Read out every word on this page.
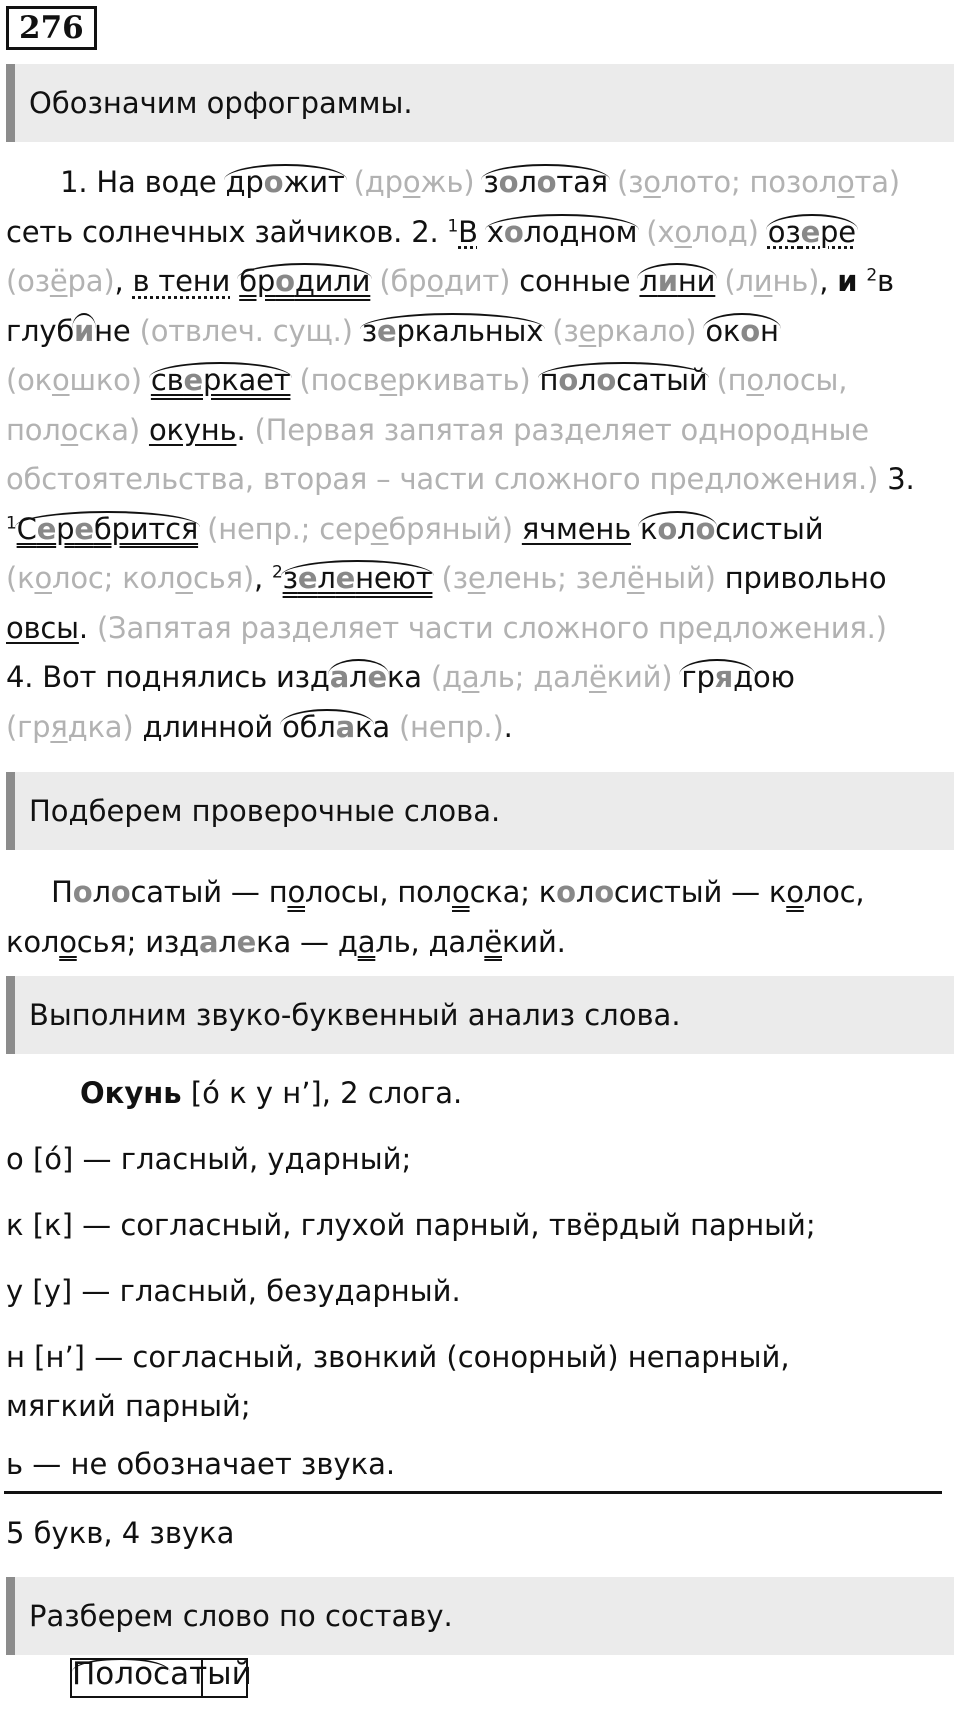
276
Обозначим орфограммы.
1. На воде дрожит (дрожь) золотая (золото; позолота)
сеть солнечных зайчиков. 2. $^1$В холодном (холод) озере
(озёра), в тени бродили (бродит) сонные лини (линь), и $^2$в
глубине (отвлеч. сущ.) зеркальных (зеркало) окон
(окошко) сверкает (посверкивать) полосатый (полосы,
полоска) окунь. (Первая запятая разделяет однородные
обстоятельства, вторая – части сложного предложения.) 3.
$^1$Серебрится (непр.; серебряный) ячмень колосистый
(колос; колосья), $^2$зеленеют (зелень; зелёный) привольно
овсы. (Запятая разделяет части сложного предложения.)
4. Вот поднялись издалека (даль; далёкий) грядою
(грядка) длинной облака (непр.).
Подберем проверочные слова.
Полосатый — полосы, полоска; колосистый — колос,
колосья; издалека — даль, далёкий.
Выполним звуко-буквенный анализ слова.
Окунь [ó к у н’], 2 слога.
о [ó] — гласный, ударный;
к [к] — согласный, глухой парный, твёрдый парный;
у [у] — гласный, безударный.
н [н’] — согласный, звонкий (сонорный) непарный,
мягкий парный;
ь — не обозначает звука.
5 букв, 4 звука
Разберем слово по составу.
Полосатый
